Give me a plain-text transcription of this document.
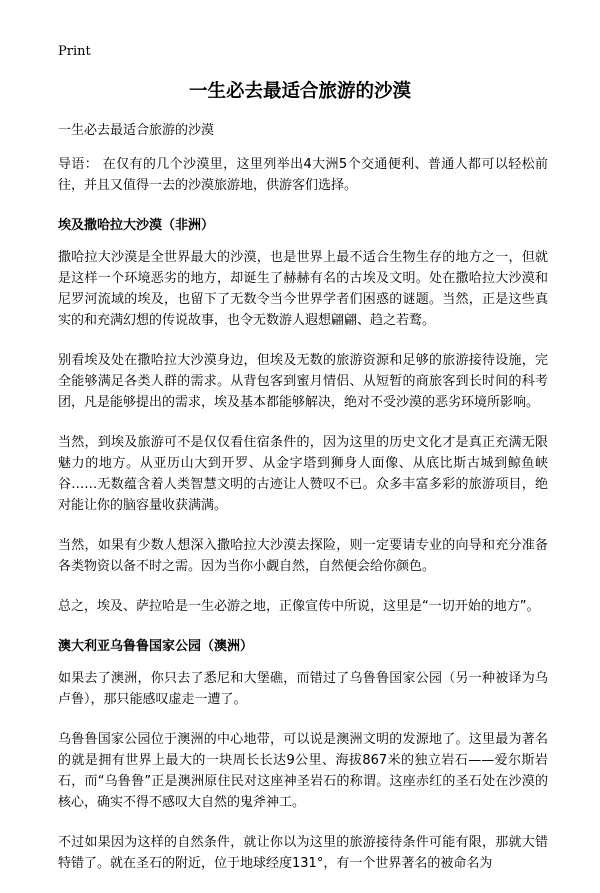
Print
一生必去最适合旅游的沙漠

一生必去最适合旅游的沙漠

导语： 在仅有的几个沙漠里，这里列举出4大洲5个交通便利、普通人都可以轻松前往，并且又值得一去的沙漠旅游地，供游客们选择。

埃及撒哈拉大沙漠（非洲）

撒哈拉大沙漠是全世界最大的沙漠，也是世界上最不适合生物生存的地方之一，但就是这样一个环境恶劣的地方，却诞生了赫赫有名的古埃及文明。处在撒哈拉大沙漠和尼罗河流域的埃及，也留下了无数令当今世界学者们困惑的谜题。当然，正是这些真实的和充满幻想的传说故事，也令无数游人遐想翩翩、趋之若鹜。

别看埃及处在撒哈拉大沙漠身边，但埃及无数的旅游资源和足够的旅游接待设施，完全能够满足各类人群的需求。从背包客到蜜月情侣、从短暂的商旅客到长时间的科考团，凡是能够提出的需求，埃及基本都能够解决，绝对不受沙漠的恶劣环境所影响。

当然，到埃及旅游可不是仅仅看住宿条件的，因为这里的历史文化才是真正充满无限魅力的地方。从亚历山大到开罗、从金字塔到狮身人面像、从底比斯古城到鲸鱼峡谷……无数蕴含着人类智慧文明的古迹让人赞叹不已。众多丰富多彩的旅游项目，绝对能让你的脑容量收获满满。

当然，如果有少数人想深入撒哈拉大沙漠去探险，则一定要请专业的向导和充分准备各类物资以备不时之需。因为当你小觑自然，自然便会给你颜色。

总之，埃及、萨拉哈是一生必游之地，正像宣传中所说，这里是“一切开始的地方”。

澳大利亚乌鲁鲁国家公园（澳洲）

如果去了澳洲，你只去了悉尼和大堡礁，而错过了乌鲁鲁国家公园（另一种被译为乌卢鲁），那只能感叹虚走一遭了。

乌鲁鲁国家公园位于澳洲的中心地带，可以说是澳洲文明的发源地了。这里最为著名的就是拥有世界上最大的一块周长长达9公里、海拔867米的独立岩石——爱尔斯岩石，而“乌鲁鲁”正是澳洲原住民对这座神圣岩石的称谓。这座赤红的圣石处在沙漠的核心，确实不得不感叹大自然的鬼斧神工。

不过如果因为这样的自然条件，就让你以为这里的旅游接待条件可能有限，那就大错特错了。就在圣石的附近，位于地球经度131°，有一个世界著名的被命名为
